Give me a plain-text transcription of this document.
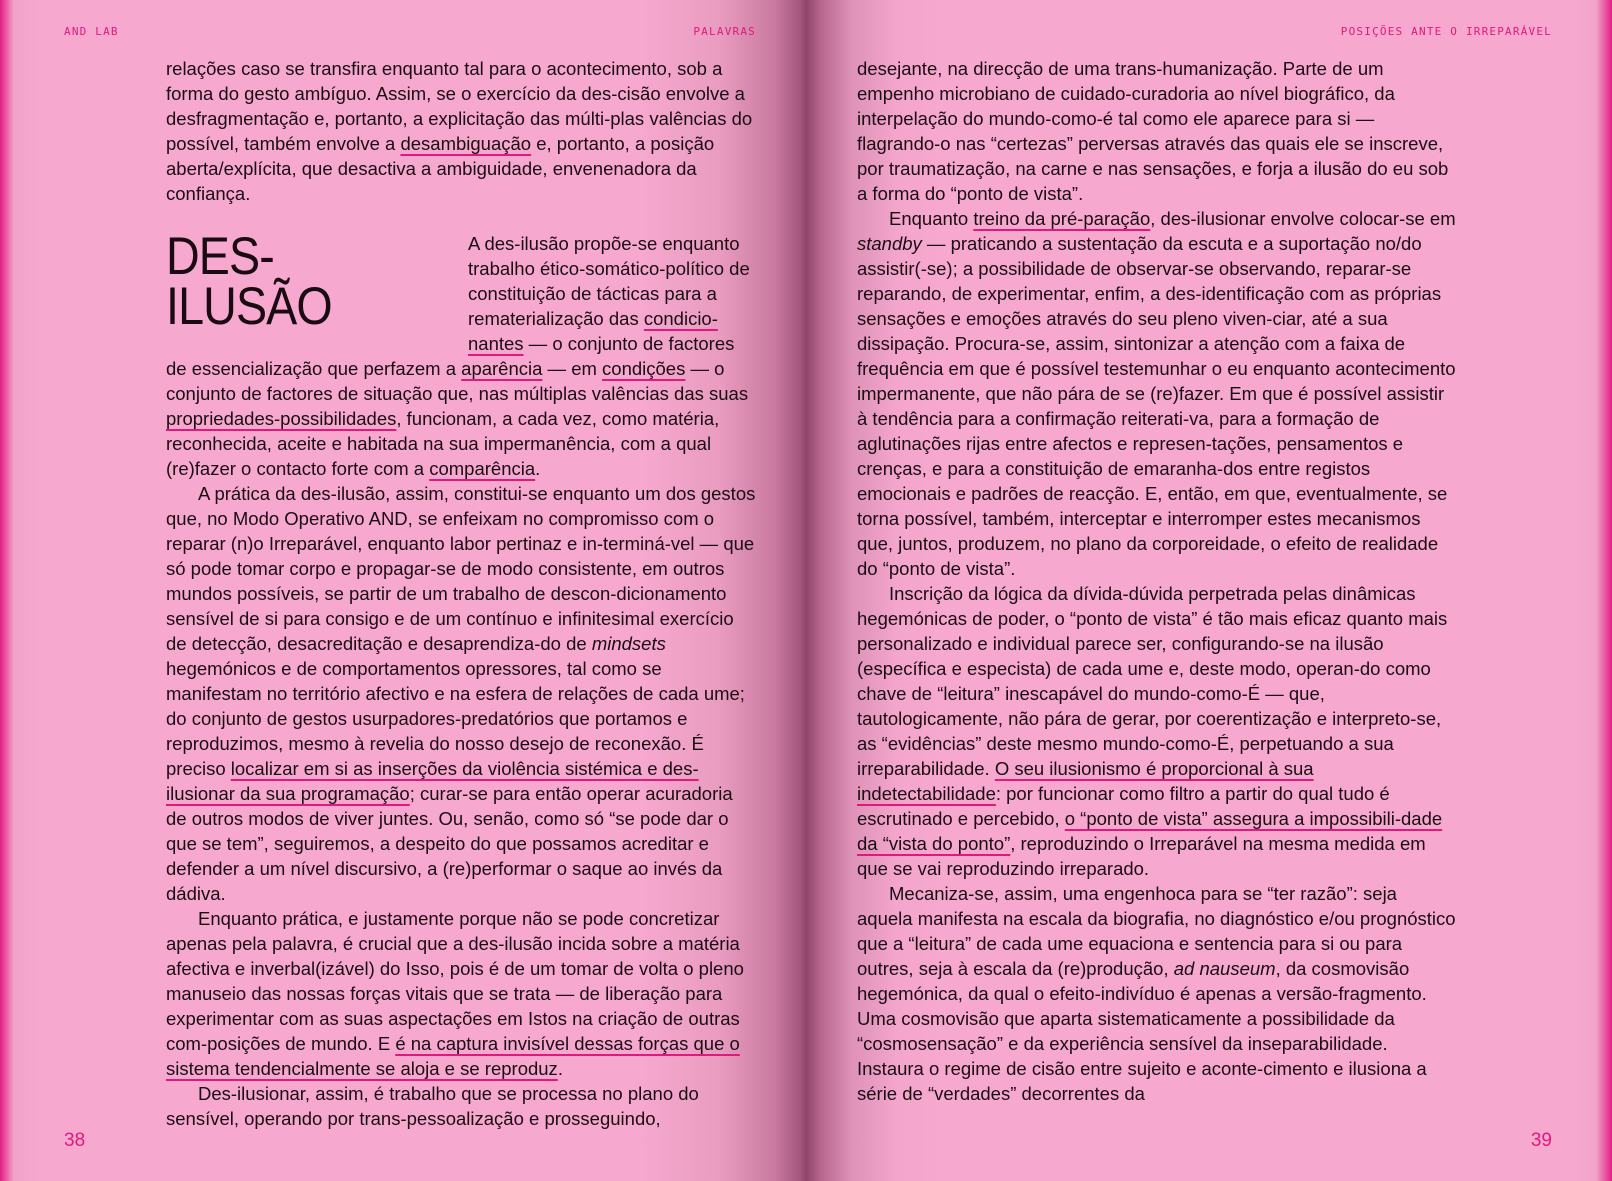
AND LAB	PALAVRAS

relações caso se transfira enquanto tal para o acontecimento, sob a forma do gesto ambíguo. Assim, se o exercício da des-cisão envolve a desfragmentação e, portanto, a explicitação das múlti-plas valências do possível, também envolve a desambiguação e, portanto, a posição aberta/explícita, que desactiva a ambiguidade, envenenadora da confiança.

DES-ILUSÃO
A des-ilusão propõe-se enquanto trabalho ético-somático-político de constituição de tácticas para a rematerialização das condicio-nantes — o conjunto de factores de essencialização que perfazem a aparência — em condições — o conjunto de factores de situação que, nas múltiplas valências das suas propriedades-possibilidades, funcionam, a cada vez, como matéria, reconhecida, aceite e habitada na sua impermanência, com a qual (re)fazer o contacto forte com a comparência.

A prática da des-ilusão, assim, constitui-se enquanto um dos gestos que, no Modo Operativo AND, se enfeixam no compromisso com o reparar (n)o Irreparável, enquanto labor pertinaz e in-terminá-vel — que só pode tomar corpo e propagar-se de modo consistente, em outros mundos possíveis, se partir de um trabalho de descon-dicionamento sensível de si para consigo e de um contínuo e infinitesimal exercício de detecção, desacreditação e desaprendiza-do de mindsets hegemónicos e de comportamentos opressores, tal como se manifestam no território afectivo e na esfera de relações de cada ume; do conjunto de gestos usurpadores-predatórios que portamos e reproduzimos, mesmo à revelia do nosso desejo de reconexão. É preciso localizar em si as inserções da violência sistémica e des-ilusionar da sua programação; curar-se para então operar acuradoria de outros modos de viver juntes. Ou, senão, como só “se pode dar o que se tem”, seguiremos, a despeito do que possamos acreditar e defender a um nível discursivo, a (re)performar o saque ao invés da dádiva.

Enquanto prática, e justamente porque não se pode concretizar apenas pela palavra, é crucial que a des-ilusão incida sobre a matéria afectiva e inverbal(izável) do Isso, pois é de um tomar de volta o pleno manuseio das nossas forças vitais que se trata — de liberação para experimentar com as suas aspectações em Istos na criação de outras com-posições de mundo. E é na captura invisível dessas forças que o sistema tendencialmente se aloja e se reproduz.

Des-ilusionar, assim, é trabalho que se processa no plano do sensível, operando por trans-pessoalização e prosseguindo,

38
POSIÇÕES ANTE O IRREPARÁVEL

desejante, na direcção de uma trans-humanização. Parte de um empenho microbiano de cuidado-curadoria ao nível biográfico, da interpelação do mundo-como-é tal como ele aparece para si — flagrando-o nas “certezas” perversas através das quais ele se inscreve, por traumatização, na carne e nas sensações, e forja a ilusão do eu sob a forma do “ponto de vista”.

Enquanto treino da pré-paração, des-ilusionar envolve colocar-se em standby — praticando a sustentação da escuta e a suportação no/do assistir(-se); a possibilidade de observar-se observando, reparar-se reparando, de experimentar, enfim, a des-identificação com as próprias sensações e emoções através do seu pleno viven-ciar, até a sua dissipação. Procura-se, assim, sintonizar a atenção com a faixa de frequência em que é possível testemunhar o eu enquanto acontecimento impermanente, que não pára de se (re)fazer. Em que é possível assistir à tendência para a confirmação reiterati-va, para a formação de aglutinações rijas entre afectos e represen-tações, pensamentos e crenças, e para a constituição de emaranha-dos entre registos emocionais e padrões de reacção. E, então, em que, eventualmente, se torna possível, também, interceptar e interromper estes mecanismos que, juntos, produzem, no plano da corporeidade, o efeito de realidade do “ponto de vista”.

Inscrição da lógica da dívida-dúvida perpetrada pelas dinâmicas hegemónicas de poder, o “ponto de vista” é tão mais eficaz quanto mais personalizado e individual parece ser, configurando-se na ilusão (específica e especista) de cada ume e, deste modo, operan-do como chave de “leitura” inescapável do mundo-como-É — que, tautologicamente, não pára de gerar, por coerentização e interpreto-se, as “evidências” deste mesmo mundo-como-É, perpetuando a sua irreparabilidade. O seu ilusionismo é proporcional à sua indetectabilidade: por funcionar como filtro a partir do qual tudo é escrutinado e percebido, o “ponto de vista” assegura a impossibili-dade da “vista do ponto”, reproduzindo o Irreparável na mesma medida em que se vai reproduzindo irreparado.

Mecaniza-se, assim, uma engenhoca para se “ter razão”: seja aquela manifesta na escala da biografia, no diagnóstico e/ou prognóstico que a “leitura” de cada ume equaciona e sentencia para si ou para outres, seja à escala da (re)produção, ad nauseum, da cosmovisão hegemónica, da qual o efeito-indivíduo é apenas a versão-fragmento. Uma cosmovisão que aparta sistematicamente a possibilidade da “cosmosensação” e da experiência sensível da inseparabilidade. Instaura o regime de cisão entre sujeito e aconte-cimento e ilusiona a série de “verdades” decorrentes da

39
